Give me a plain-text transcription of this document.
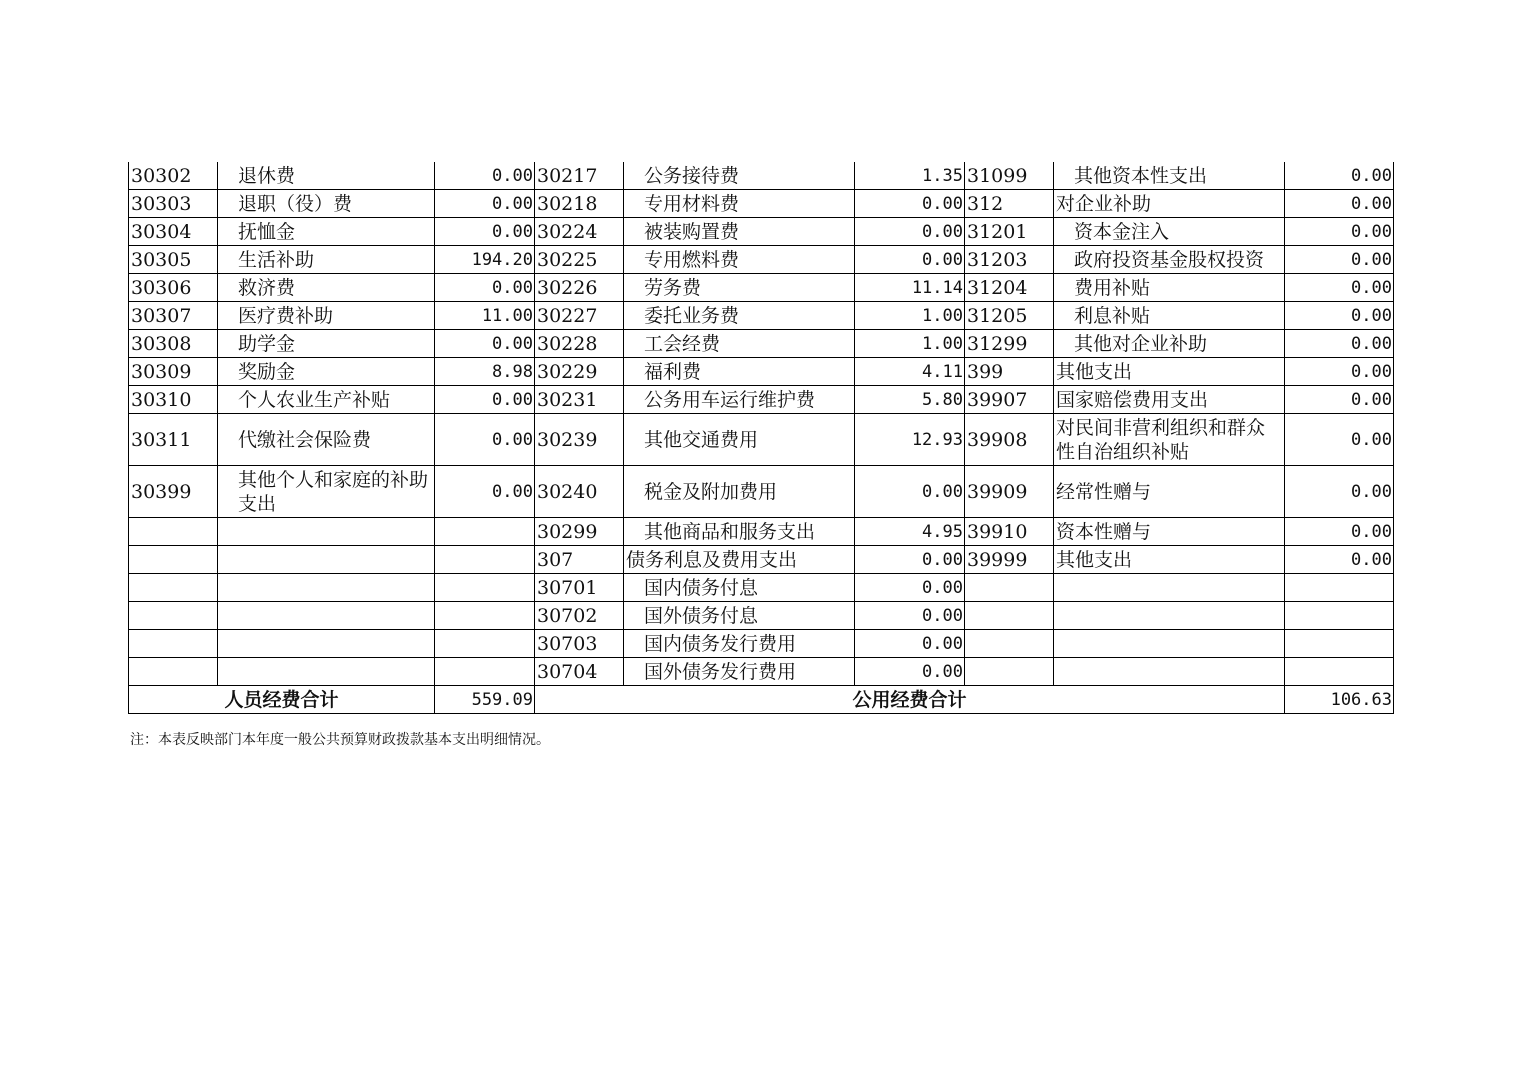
30302	退休费	0.00	30217	公务接待费	1.35	31099	其他资本性支出	0.00
30303	退职（役）费	0.00	30218	专用材料费	0.00	312	对企业补助	0.00
30304	抚恤金	0.00	30224	被装购置费	0.00	31201	资本金注入	0.00
30305	生活补助	194.20	30225	专用燃料费	0.00	31203	政府投资基金股权投资	0.00
30306	救济费	0.00	30226	劳务费	11.14	31204	费用补贴	0.00
30307	医疗费补助	11.00	30227	委托业务费	1.00	31205	利息补贴	0.00
30308	助学金	0.00	30228	工会经费	1.00	31299	其他对企业补助	0.00
30309	奖励金	8.98	30229	福利费	4.11	399	其他支出	0.00
30310	个人农业生产补贴	0.00	30231	公务用车运行维护费	5.80	39907	国家赔偿费用支出	0.00
30311	代缴社会保险费	0.00	30239	其他交通费用	12.93	39908	对民间非营利组织和群众性自治组织补贴	0.00
30399	其他个人和家庭的补助支出	0.00	30240	税金及附加费用	0.00	39909	经常性赠与	0.00
			30299	其他商品和服务支出	4.95	39910	资本性赠与	0.00
			307	债务利息及费用支出	0.00	39999	其他支出	0.00
			30701	国内债务付息	0.00			
			30702	国外债务付息	0.00			
			30703	国内债务发行费用	0.00			
			30704	国外债务发行费用	0.00			
人员经费合计		559.09	公用经费合计					106.63
注：本表反映部门本年度一般公共预算财政拨款基本支出明细情况。
